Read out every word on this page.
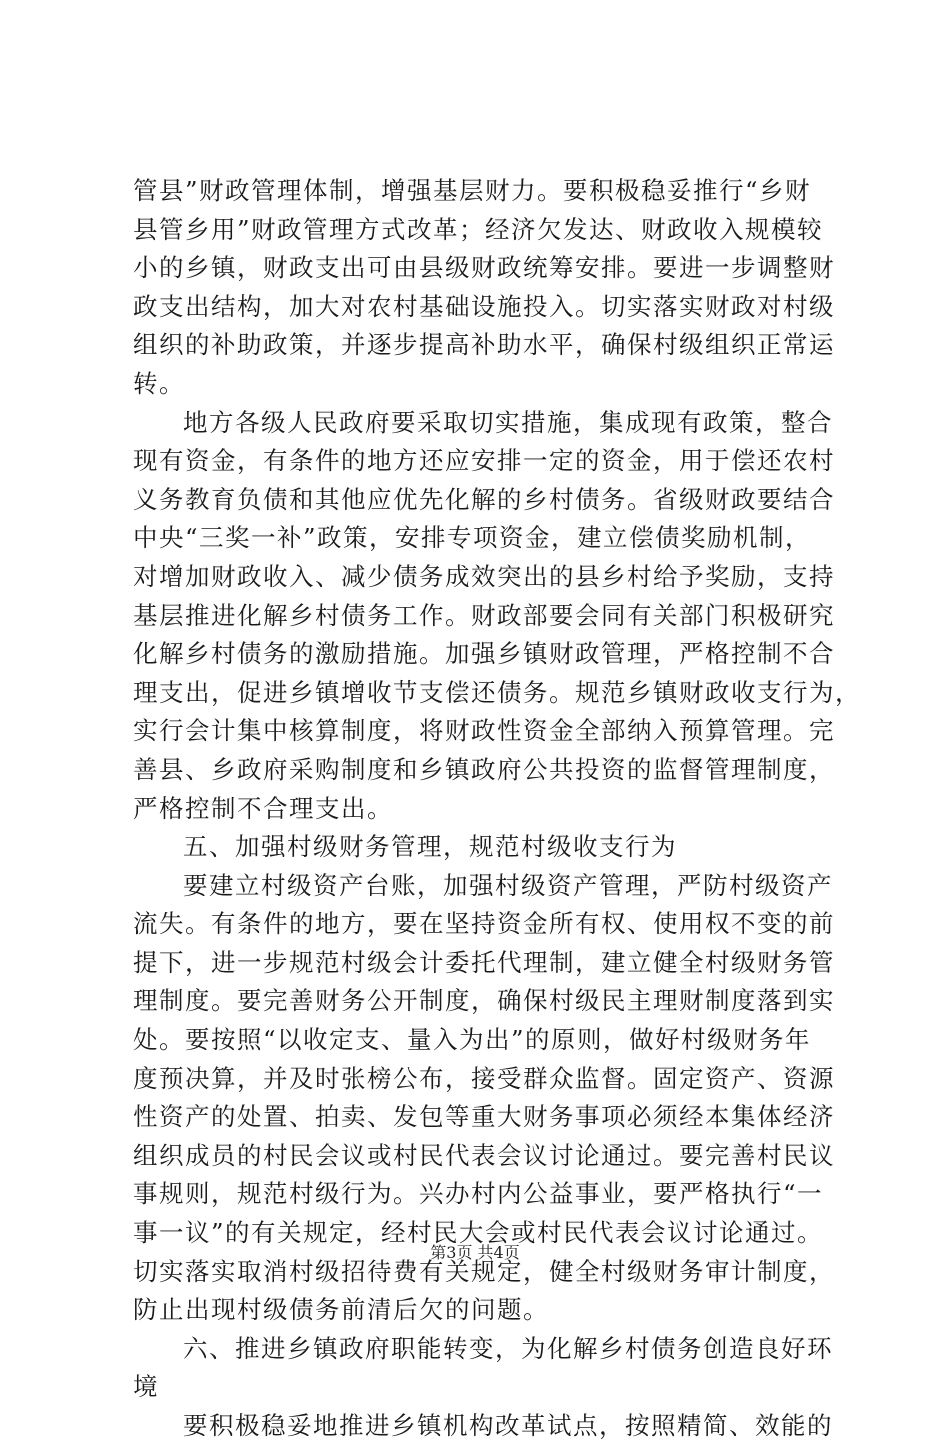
管县”财政管理体制，增强基层财力。要积极稳妥推行“乡财
县管乡用”财政管理方式改革；经济欠发达、财政收入规模较
小的乡镇，财政支出可由县级财政统筹安排。要进一步调整财
政支出结构，加大对农村基础设施投入。切实落实财政对村级
组织的补助政策，并逐步提高补助水平，确保村级组织正常运
转。
地方各级人民政府要采取切实措施，集成现有政策，整合
现有资金，有条件的地方还应安排一定的资金，用于偿还农村
义务教育负债和其他应优先化解的乡村债务。省级财政要结合
中央“三奖一补”政策，安排专项资金，建立偿债奖励机制，
对增加财政收入、减少债务成效突出的县乡村给予奖励，支持
基层推进化解乡村债务工作。财政部要会同有关部门积极研究
化解乡村债务的激励措施。加强乡镇财政管理，严格控制不合
理支出，促进乡镇增收节支偿还债务。规范乡镇财政收支行为，
实行会计集中核算制度，将财政性资金全部纳入预算管理。完
善县、乡政府采购制度和乡镇政府公共投资的监督管理制度，
严格控制不合理支出。
五、加强村级财务管理，规范村级收支行为
要建立村级资产台账，加强村级资产管理，严防村级资产
流失。有条件的地方，要在坚持资金所有权、使用权不变的前
提下，进一步规范村级会计委托代理制，建立健全村级财务管
理制度。要完善财务公开制度，确保村级民主理财制度落到实
处。要按照“以收定支、量入为出”的原则，做好村级财务年
度预决算，并及时张榜公布，接受群众监督。固定资产、资源
性资产的处置、拍卖、发包等重大财务事项必须经本集体经济
组织成员的村民会议或村民代表会议讨论通过。要完善村民议
事规则，规范村级行为。兴办村内公益事业，要严格执行“一
事一议”的有关规定，经村民大会或村民代表会议讨论通过。
切实落实取消村级招待费有关规定，健全村级财务审计制度，
防止出现村级债务前清后欠的问题。
六、推进乡镇政府职能转变，为化解乡村债务创造良好环
境
要积极稳妥地推进乡镇机构改革试点，按照精简、效能的
第3页 共4页
